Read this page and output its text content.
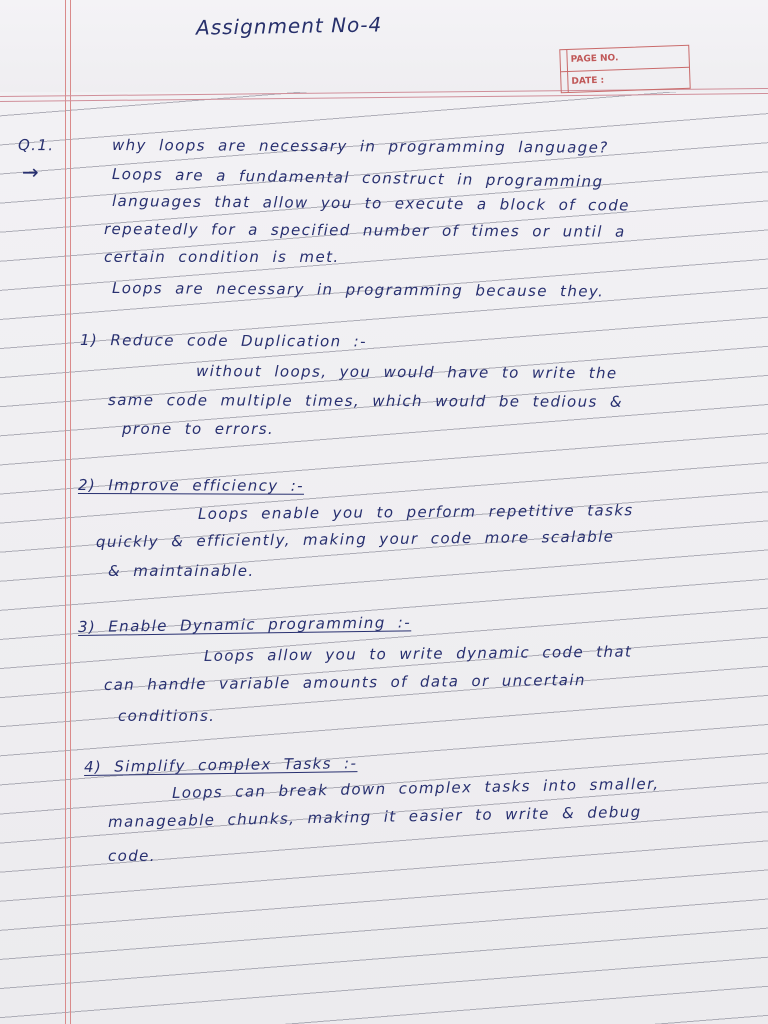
Assignment No-4
PAGE NO.
DATE :
Q.1.	why loops are necessary in programming language?
→	Loops are a fundamental construct in programming
languages that allow you to execute a block of code
repeatedly for a specified number of times or until a
certain condition is met.
Loops are necessary in programming because they.
1) Reduce code Duplication :-
without loops, you would have to write the
same code multiple times, which would be tedious &
prone to errors.
2) Improve efficiency :-
Loops enable you to perform repetitive tasks
quickly & efficiently, making your code more scalable
& maintainable.
3) Enable Dynamic programming :-
Loops allow you to write dynamic code that
can handle variable amounts of data or uncertain
conditions.
4) Simplify complex Tasks :-
Loops can break down complex tasks into smaller,
manageable chunks, making it easier to write & debug
code.
